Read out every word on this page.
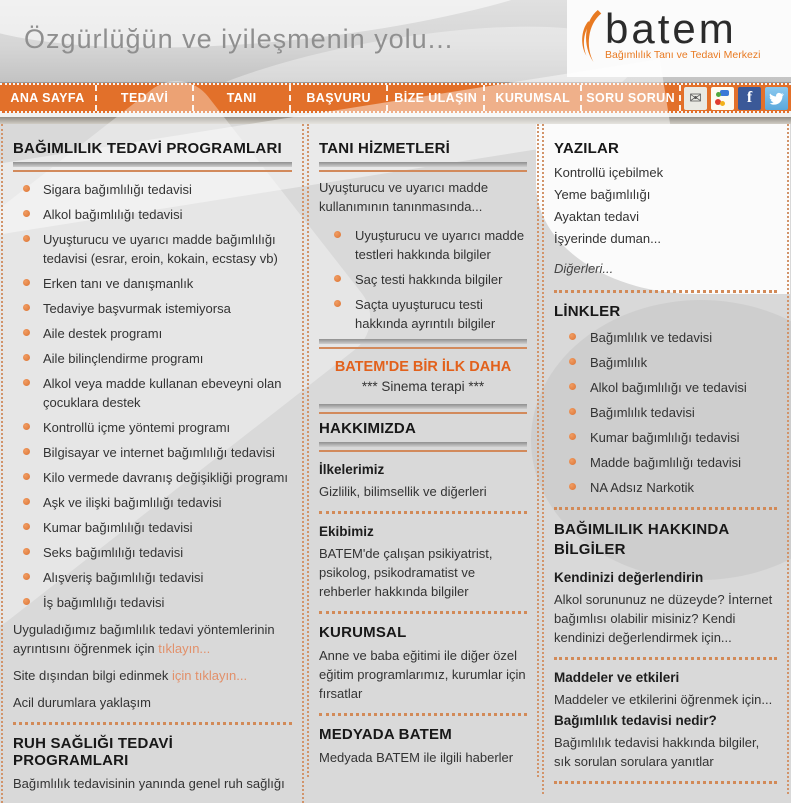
Özgürlüğün ve iyileşmenin yolu...	batem
Bağımlılık Tanı ve Tedavi Merkezi
ANA SAYFA	TEDAVİ	TANI	BAŞVURU	BİZE ULAŞIN	KURUMSAL	SORU SORUN ✉	f
BAĞIMLILIK TEDAVİ PROGRAMLARI
Sigara bağımlılığı tedavisi
Alkol bağımlılığı tedavisi
Uyuşturucu ve uyarıcı madde bağımlılığı tedavisi (esrar, eroin, kokain, ecstasy vb)
Erken tanı ve danışmanlık
Tedaviye başvurmak istemiyorsa
Aile destek programı
Aile bilinçlendirme programı
Alkol veya madde kullanan ebeveyni olan çocuklara destek
Kontrollü içme yöntemi programı
Bilgisayar ve internet bağımlılığı tedavisi
Kilo vermede davranış değişikliği programı
Aşk ve ilişki bağımlılığı tedavisi
Kumar bağımlılığı tedavisi
Seks bağımlılığı tedavisi
Alışveriş bağımlılığı tedavisi
İş bağımlılığı tedavisi

Uyguladığımız bağımlılık tedavi yöntemlerinin ayrıntısını öğrenmek için tıklayın...

Site dışından bilgi edinmek için tıklayın...

Acil durumlara yaklaşım

RUH SAĞLIĞI TEDAVİ PROGRAMLARI

Bağımlılık tedavisinin yanında genel ruh sağlığı

TANI HİZMETLERİ

Uyuşturucu ve uyarıcı madde kullanımının tanınmasında...

Uyuşturucu ve uyarıcı madde testleri hakkında bilgiler
Saç testi hakkında bilgiler
Saçta uyuşturucu testi hakkında ayrıntılı bilgiler
BATEM'DE BİR İLK DAHA
*** Sinema terapi ***
HAKKIMIZDA
İlkelerimiz

Gizlilik, bilimsellik ve diğerleri

Ekibimiz

BATEM'de çalışan psikiyatrist, psikolog, psikodramatist ve rehberler hakkında bilgiler

KURUMSAL

Anne ve baba eğitimi ile diğer özel eğitim programlarımız, kurumlar için fırsatlar

MEDYADA BATEM

Medyada BATEM ile ilgili haberler

YAZILAR
Kontrollü içebilmek
Yeme bağımlılığı
Ayaktan tedavi
İşyerinde duman...
Diğerleri...
LİNKLER
Bağımlılık ve tedavisi
Bağımlılık
Alkol bağımlılığı ve tedavisi
Bağımlılık tedavisi
Kumar bağımlılığı tedavisi
Madde bağımlılığı tedavisi
NA Adsız Narkotik
BAĞIMLILIK HAKKINDA BİLGİLER
Kendinizi değerlendirin

Alkol sorununuz ne düzeyde? İnternet bağımlısı olabilir misiniz? Kendi kendinizi değerlendirmek için...

Maddeler ve etkileri

Maddeler ve etkilerini öğrenmek için...

Bağımlılık tedavisi nedir?

Bağımlılık tedavisi hakkında bilgiler, sık sorulan sorulara yanıtlar
